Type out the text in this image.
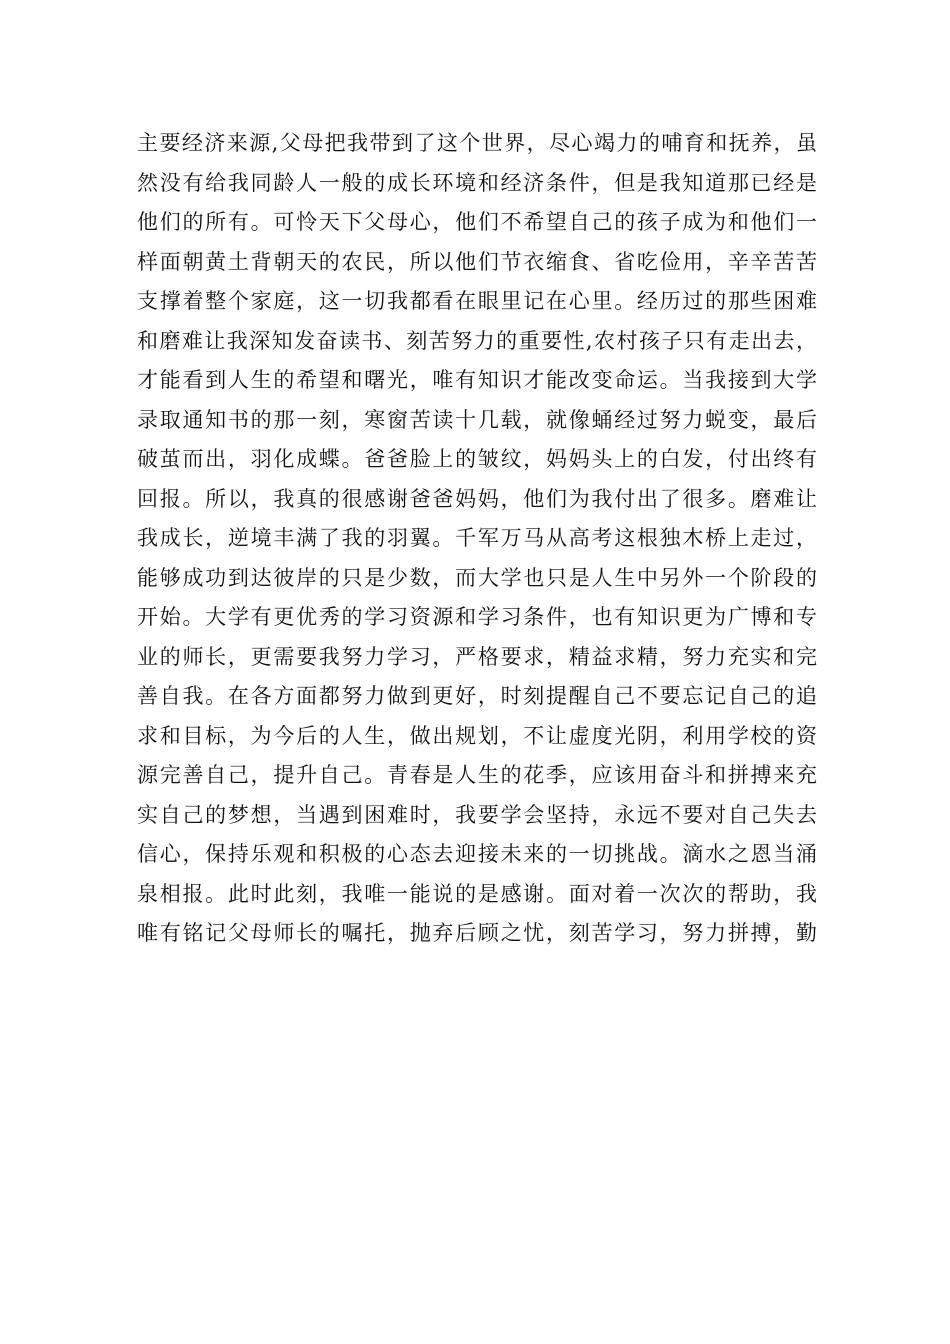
主要经济来源,父母把我带到了这个世界，尽心竭力的哺育和抚养，虽
然没有给我同龄人一般的成长环境和经济条件，但是我知道那已经是
他们的所有。可怜天下父母心，他们不希望自己的孩子成为和他们一
样面朝黄土背朝天的农民，所以他们节衣缩食、省吃俭用，辛辛苦苦
支撑着整个家庭，这一切我都看在眼里记在心里。经历过的那些困难
和磨难让我深知发奋读书、刻苦努力的重要性,农村孩子只有走出去，
才能看到人生的希望和曙光，唯有知识才能改变命运。当我接到大学
录取通知书的那一刻，寒窗苦读十几载，就像蛹经过努力蜕变，最后
破茧而出，羽化成蝶。爸爸脸上的皱纹，妈妈头上的白发，付出终有
回报。所以，我真的很感谢爸爸妈妈，他们为我付出了很多。磨难让
我成长，逆境丰满了我的羽翼。千军万马从高考这根独木桥上走过，
能够成功到达彼岸的只是少数，而大学也只是人生中另外一个阶段的
开始。大学有更优秀的学习资源和学习条件，也有知识更为广博和专
业的师长，更需要我努力学习，严格要求，精益求精，努力充实和完
善自我。在各方面都努力做到更好，时刻提醒自己不要忘记自己的追
求和目标，为今后的人生，做出规划，不让虚度光阴，利用学校的资
源完善自己，提升自己。青春是人生的花季，应该用奋斗和拼搏来充
实自己的梦想，当遇到困难时，我要学会坚持，永远不要对自己失去
信心，保持乐观和积极的心态去迎接未来的一切挑战。滴水之恩当涌
泉相报。此时此刻，我唯一能说的是感谢。面对着一次次的帮助，我
唯有铭记父母师长的嘱托，抛弃后顾之忧，刻苦学习，努力拼搏，勤
